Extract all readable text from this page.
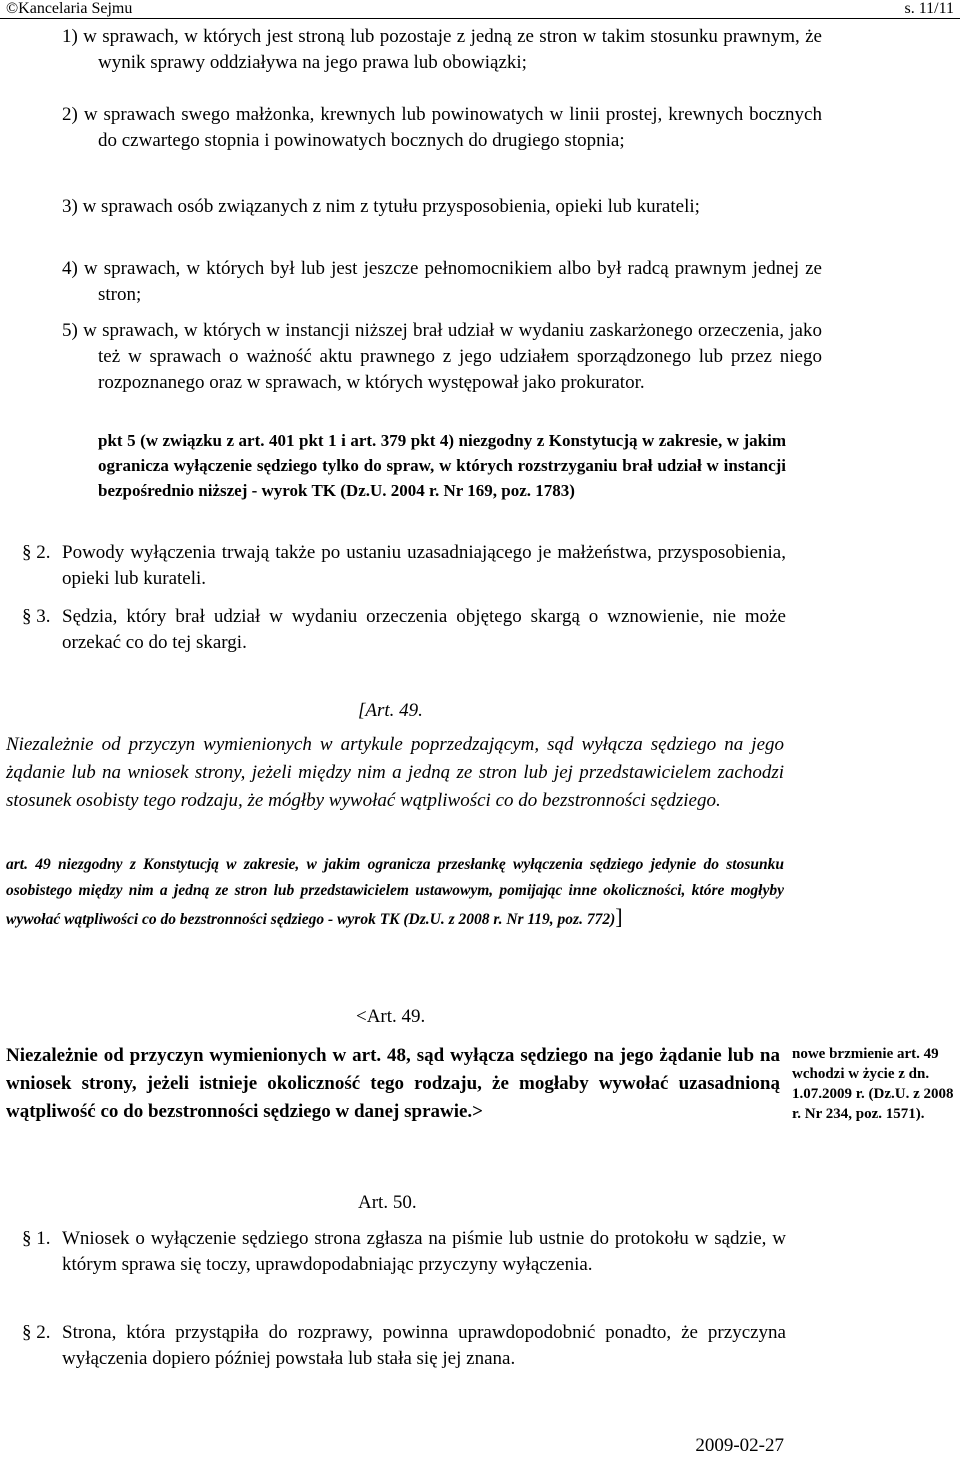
©Kancelaria Sejmu	s. 11/11
1) w sprawach, w których jest stroną lub pozostaje z jedną ze stron w takim stosunku prawnym, że wynik sprawy oddziaływa na jego prawa lub obowiązki;
2) w sprawach swego małżonka, krewnych lub powinowatych w linii prostej, krewnych bocznych do czwartego stopnia i powinowatych bocznych do drugiego stopnia;
3) w sprawach osób związanych z nim z tytułu przysposobienia, opieki lub kurateli;
4) w sprawach, w których był lub jest jeszcze pełnomocnikiem albo był radcą prawnym jednej ze stron;
5) w sprawach, w których w instancji niższej brał udział w wydaniu zaskarżonego orzeczenia, jako też w sprawach o ważność aktu prawnego z jego udziałem sporządzonego lub przez niego rozpoznanego oraz w sprawach, w których występował jako prokurator.
pkt 5 (w związku z art. 401 pkt 1 i art. 379 pkt 4) niezgodny z Konstytucją w zakresie, w jakim ogranicza wyłączenie sędziego tylko do spraw, w których rozstrzyganiu brał udział w instancji bezpośrednio niższej - wyrok TK (Dz.U. 2004 r. Nr 169, poz. 1783)
§ 2. Powody wyłączenia trwają także po ustaniu uzasadniającego je małżeństwa, przysposobienia, opieki lub kurateli.
§ 3. Sędzia, który brał udział w wydaniu orzeczenia objętego skargą o wznowienie, nie może orzekać co do tej skargi.
[Art. 49.
Niezależnie od przyczyn wymienionych w artykule poprzedzającym, sąd wyłącza sędziego na jego żądanie lub na wniosek strony, jeżeli między nim a jedną ze stron lub jej przedstawicielem zachodzi stosunek osobisty tego rodzaju, że mógłby wywołać wątpliwości co do bezstronności sędziego.
art. 49 niezgodny z Konstytucją w zakresie, w jakim ogranicza przesłankę wyłączenia sędziego jedynie do stosunku osobistego między nim a jedną ze stron lub przedstawicielem ustawowym, pomijając inne okoliczności, które mogłyby wywołać wątpliwości co do bezstronności sędziego - wyrok TK (Dz.U. z 2008 r. Nr 119, poz. 772)]
<Art. 49.
Niezależnie od przyczyn wymienionych w art. 48, sąd wyłącza sędziego na jego żądanie lub na wniosek strony, jeżeli istnieje okoliczność tego rodzaju, że mogłaby wywołać uzasadnioną wątpliwość co do bezstronności sędziego w danej sprawie.>
nowe brzmienie art. 49 wchodzi w życie z dn. 1.07.2009 r. (Dz.U. z 2008 r. Nr 234, poz. 1571).
Art. 50.
§ 1. Wniosek o wyłączenie sędziego strona zgłasza na piśmie lub ustnie do protokołu w sądzie, w którym sprawa się toczy, uprawdopodabniając przyczyny wyłączenia.
§ 2. Strona, która przystąpiła do rozprawy, powinna uprawdopodobnić ponadto, że przyczyna wyłączenia dopiero później powstała lub stała się jej znana.
2009-02-27
